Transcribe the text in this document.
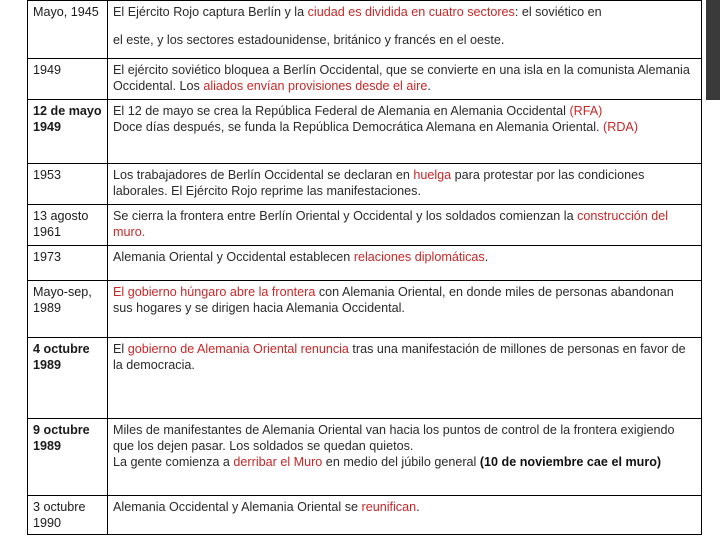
Mayo, 1945	El Ejército Rojo captura Berlín y la ciudad es dividida en cuatro sectores: el soviético en
el este, y los sectores estadounidense, británico y francés en el oeste.
1949	El ejército soviético bloquea a Berlín Occidental, que se convierte en una isla en la comunista Alemania Occidental. Los aliados envían provisiones desde el aire.
12 de mayo 1949	El 12 de mayo se crea la República Federal de Alemania en Alemania Occidental (RFA)
Doce días después, se funda la República Democrática Alemana en Alemania Oriental. (RDA)
1953	Los trabajadores de Berlín Occidental se declaran en huelga para protestar por las condiciones laborales. El Ejército Rojo reprime las manifestaciones.
13 agosto 1961	Se cierra la frontera entre Berlín Oriental y Occidental y los soldados comienzan la construcción del muro.
1973	Alemania Oriental y Occidental establecen relaciones diplomáticas.
Mayo-sep, 1989	El gobierno húngaro abre la frontera con Alemania Oriental, en donde miles de personas abandonan sus hogares y se dirigen hacia Alemania Occidental.
4 octubre 1989	El gobierno de Alemania Oriental renuncia tras una manifestación de millones de personas en favor de la democracia.
9 octubre 1989	Miles de manifestantes de Alemania Oriental van hacia los puntos de control de la frontera exigiendo que los dejen pasar. Los soldados se quedan quietos.
La gente comienza a derribar el Muro en medio del júbilo general (10 de noviembre cae el muro)
3 octubre 1990	Alemania Occidental y Alemania Oriental se reunifican.
